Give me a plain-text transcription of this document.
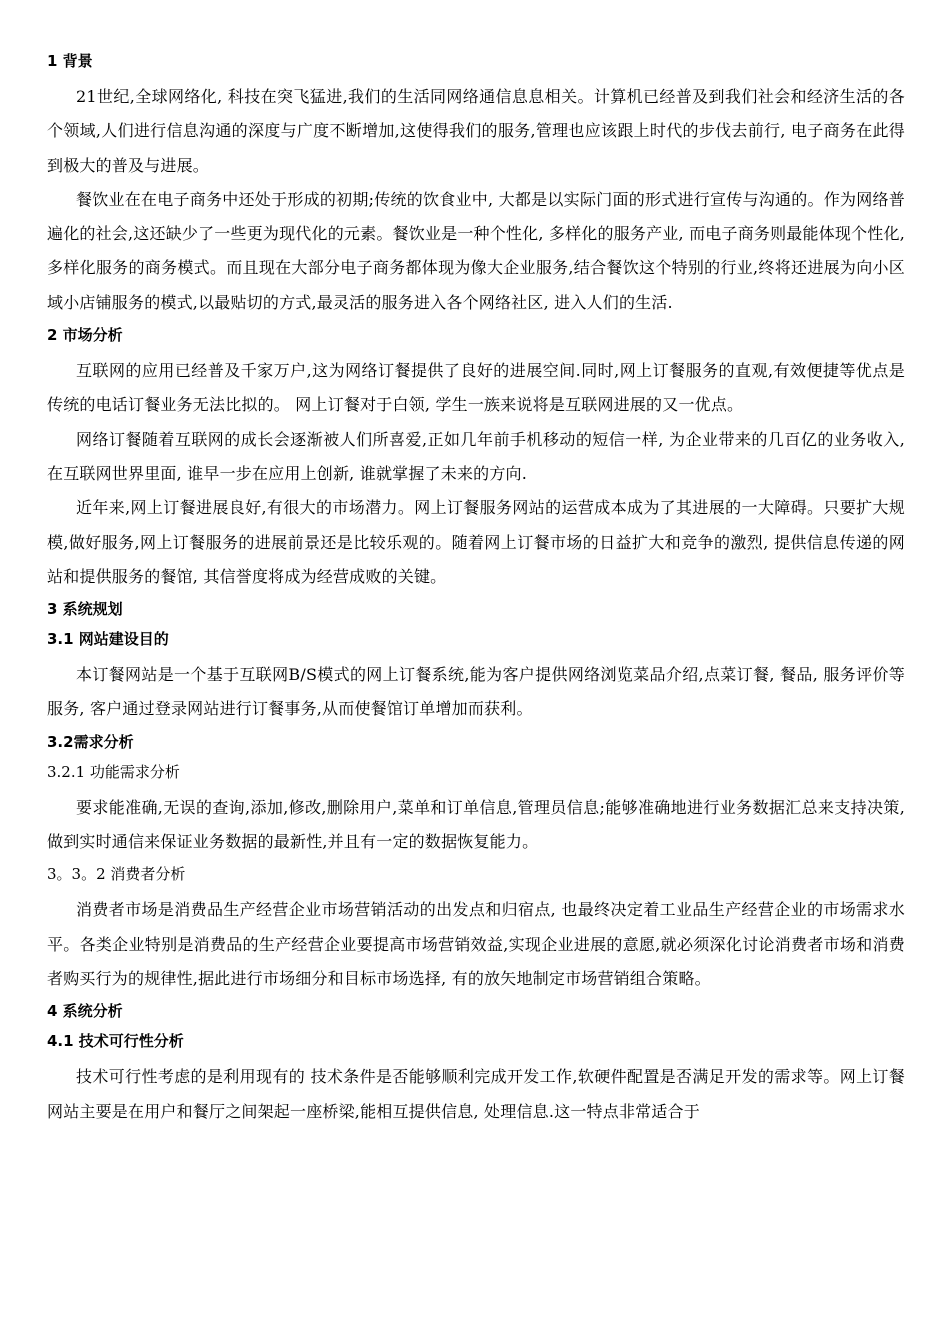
1 背景

21世纪,全球网络化, 科技在突飞猛进,我们的生活同网络通信息息相关。计算机已经普及到我们社会和经济生活的各个领域,人们进行信息沟通的深度与广度不断增加,这使得我们的服务,管理也应该跟上时代的步伐去前行, 电子商务在此得到极大的普及与进展。

餐饮业在在电子商务中还处于形成的初期;传统的饮食业中, 大都是以实际门面的形式进行宣传与沟通的。作为网络普遍化的社会,这还缺少了一些更为现代化的元素。餐饮业是一种个性化, 多样化的服务产业, 而电子商务则最能体现个性化,多样化服务的商务模式。而且现在大部分电子商务都体现为像大企业服务,结合餐饮这个特别的行业,终将还进展为向小区域小店铺服务的模式,以最贴切的方式,最灵活的服务进入各个网络社区, 进入人们的生活.

2 市场分析

互联网的应用已经普及千家万户,这为网络订餐提供了良好的进展空间.同时,网上订餐服务的直观,有效便捷等优点是传统的电话订餐业务无法比拟的。 网上订餐对于白领, 学生一族来说将是互联网进展的又一优点。

网络订餐随着互联网的成长会逐渐被人们所喜爱,正如几年前手机移动的短信一样, 为企业带来的几百亿的业务收入,在互联网世界里面, 谁早一步在应用上创新, 谁就掌握了未来的方向.

近年来,网上订餐进展良好,有很大的市场潜力。网上订餐服务网站的运营成本成为了其进展的一大障碍。只要扩大规模,做好服务,网上订餐服务的进展前景还是比较乐观的。随着网上订餐市场的日益扩大和竞争的激烈, 提供信息传递的网站和提供服务的餐馆, 其信誉度将成为经营成败的关键。

3 系统规划
3.1 网站建设目的

本订餐网站是一个基于互联网B/S模式的网上订餐系统,能为客户提供网络浏览菜品介绍,点菜订餐, 餐品, 服务评价等服务, 客户通过登录网站进行订餐事务,从而使餐馆订单增加而获利。

3.2需求分析
3.2.1 功能需求分析

要求能准确,无误的查询,添加,修改,删除用户,菜单和订单信息,管理员信息;能够准确地进行业务数据汇总来支持决策, 做到实时通信来保证业务数据的最新性,并且有一定的数据恢复能力。

3。3。2 消费者分析

消费者市场是消费品生产经营企业市场营销活动的出发点和归宿点, 也最终决定着工业品生产经营企业的市场需求水平。各类企业特别是消费品的生产经营企业要提高市场营销效益,实现企业进展的意愿,就必须深化讨论消费者市场和消费者购买行为的规律性,据此进行市场细分和目标市场选择, 有的放矢地制定市场营销组合策略。

4 系统分析
4.1 技术可行性分析

技术可行性考虑的是利用现有的 技术条件是否能够顺利完成开发工作,软硬件配置是否满足开发的需求等。网上订餐网站主要是在用户和餐厅之间架起一座桥梁,能相互提供信息, 处理信息.这一特点非常适合于
